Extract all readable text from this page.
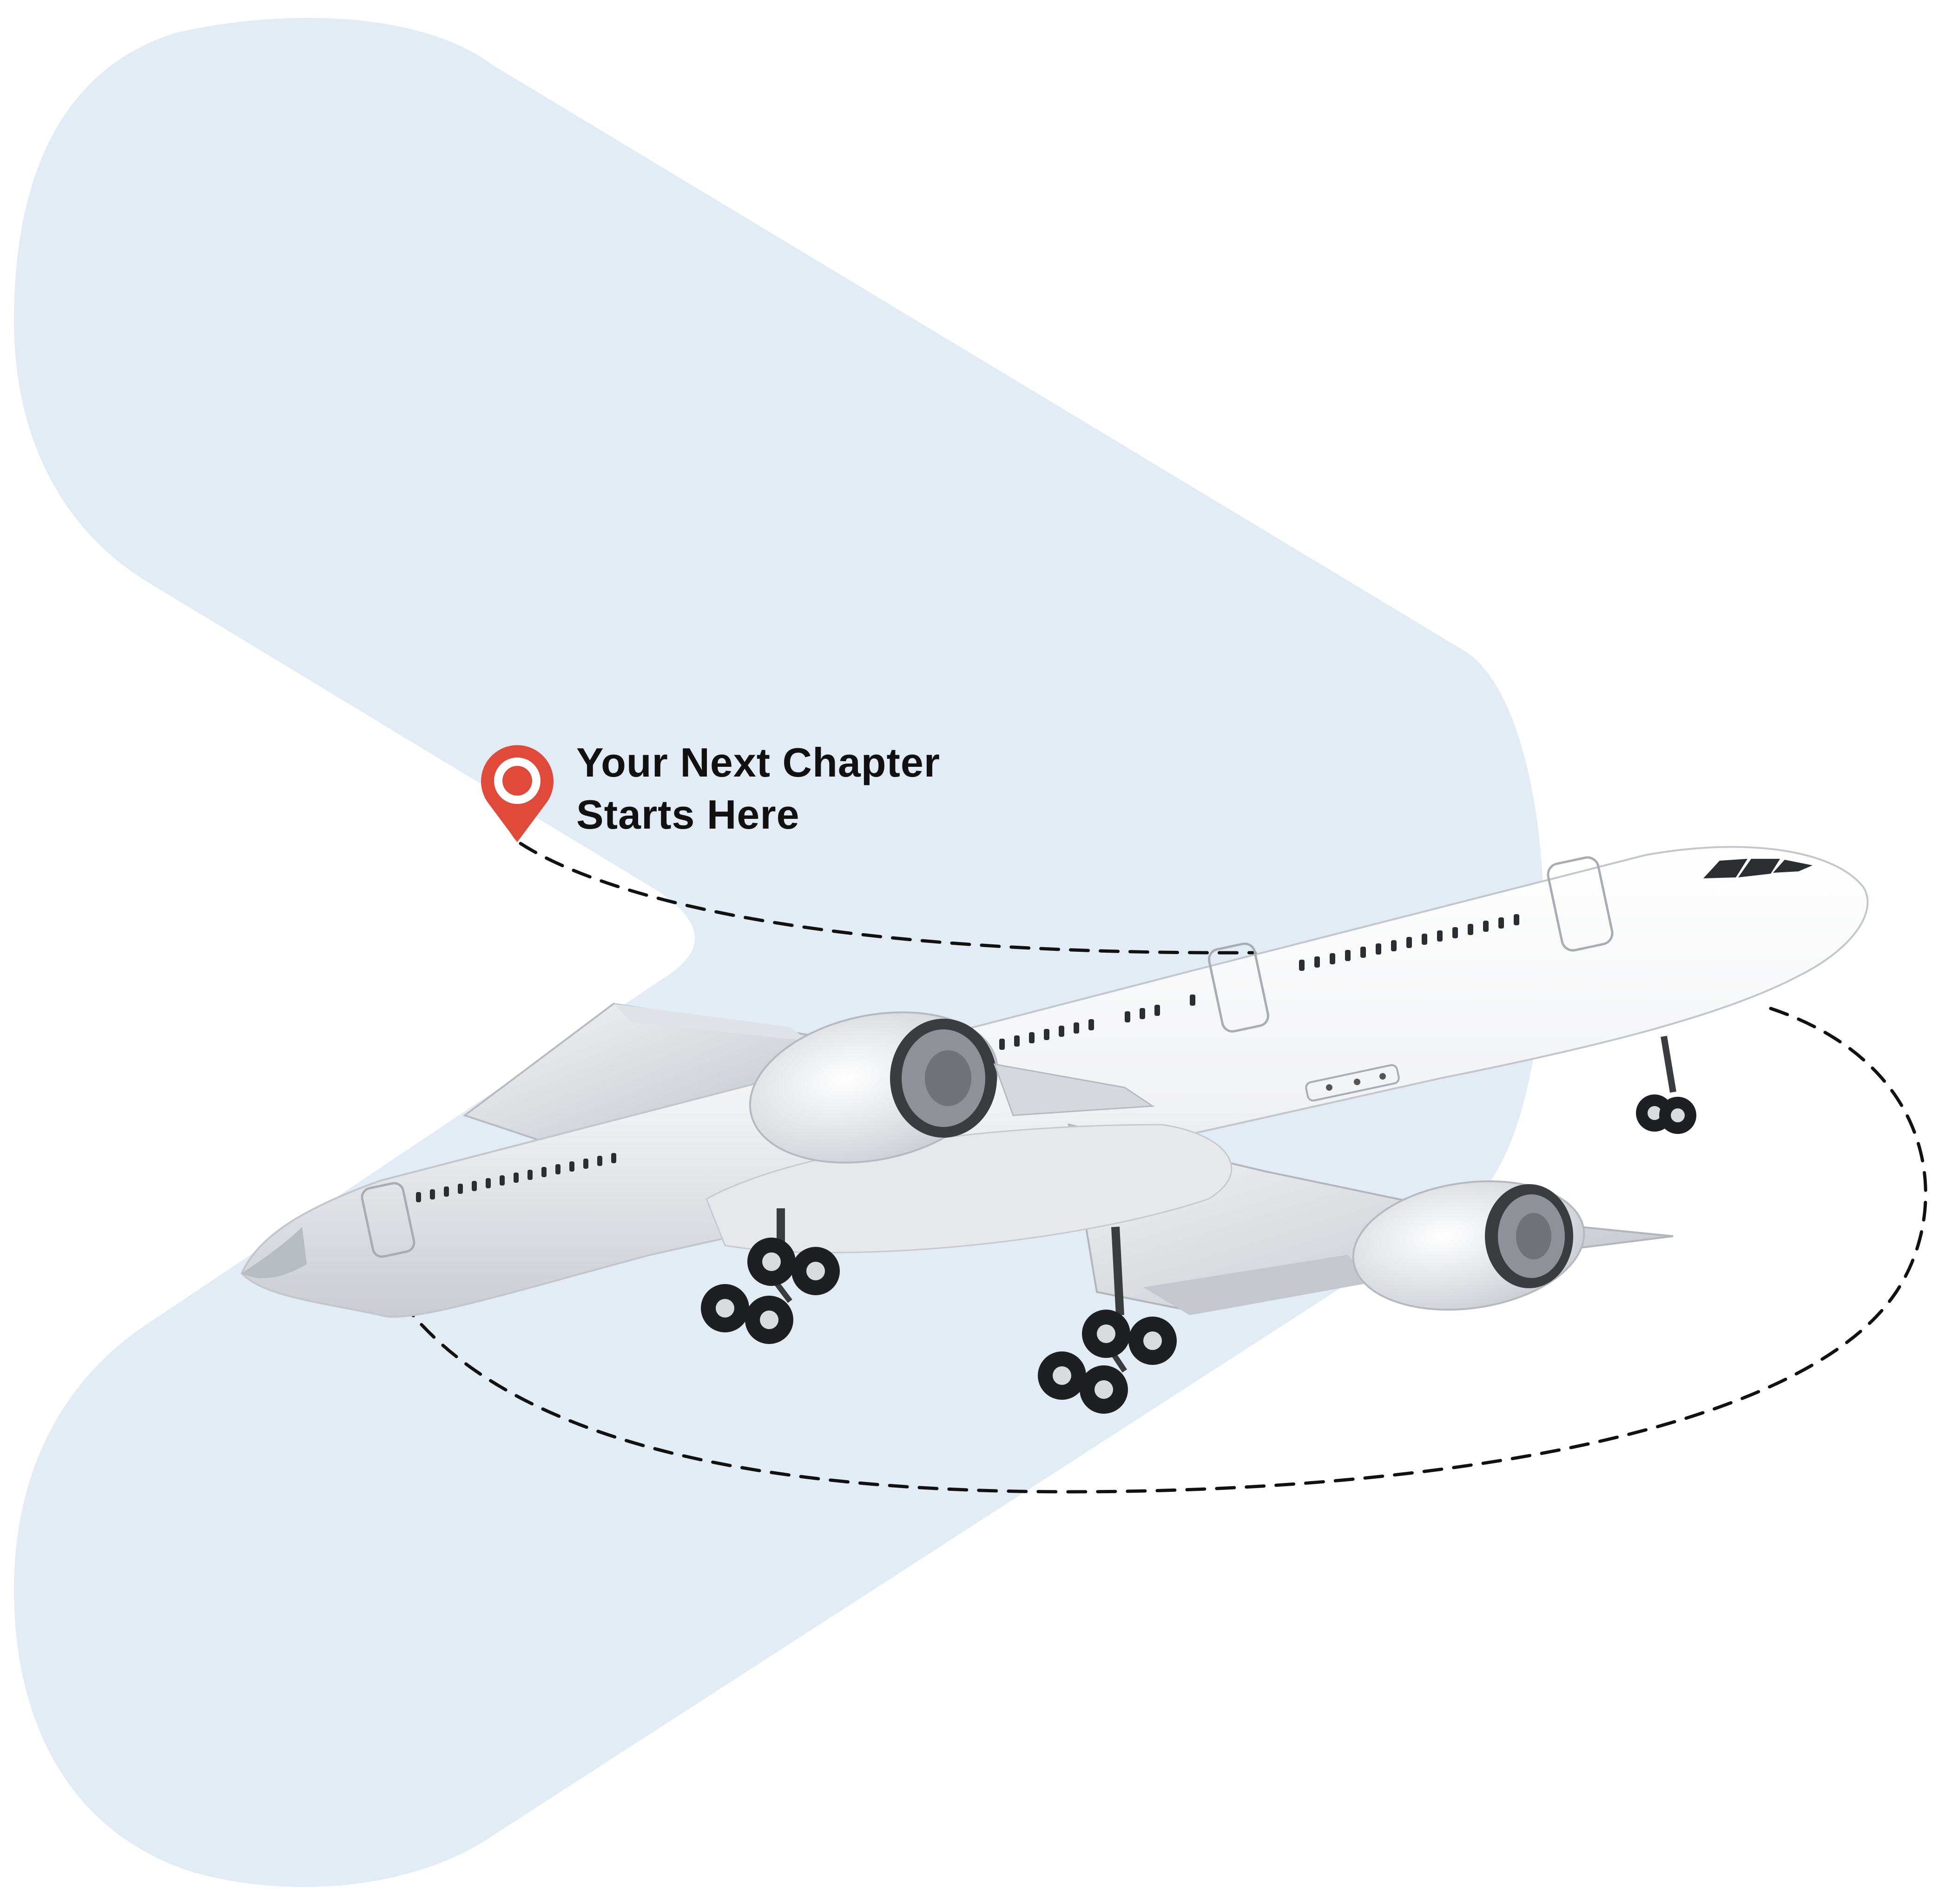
Your Next Chapter
Starts Here
